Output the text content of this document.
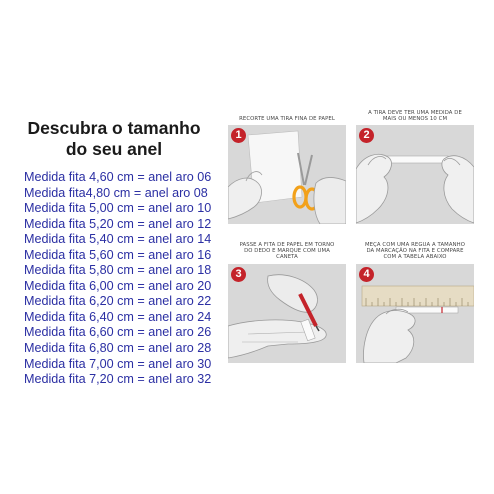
Descubra o tamanho
do seu anel
Medida fita 4,60 cm = anel aro 06
Medida fita4,80 cm = anel aro 08
Medida fita 5,00 cm = anel aro 10
Medida fita 5,20 cm = anel aro 12
Medida fita 5,40 cm = anel aro 14
Medida fita 5,60 cm = anel aro 16
Medida fita 5,80 cm = anel aro 18
Medida fita 6,00 cm = anel aro 20
Medida fita 6,20 cm = anel aro 22
Medida fita 6,40 cm = anel aro 24
Medida fita 6,60 cm = anel aro 26
Medida fita 6,80 cm = anel aro 28
Medida fita 7,00 cm = anel aro 30
Medida fita 7,20 cm = anel aro 32
RECORTE UMA TIRA FINA DE PAPEL
1
A TIRA DEVE TER UMA MEDIDA DE
MAIS OU MENOS 10 CM
2
PASSE A FITA DE PAPEL EM TORNO
DO DEDO E MARQUE COM UMA
CANETA
3
MEÇA COM UMA REGUA A TAMANHO
DA MARCAÇÃO NA FITA E COMPARE
COM A TABELA ABAIXO
4
